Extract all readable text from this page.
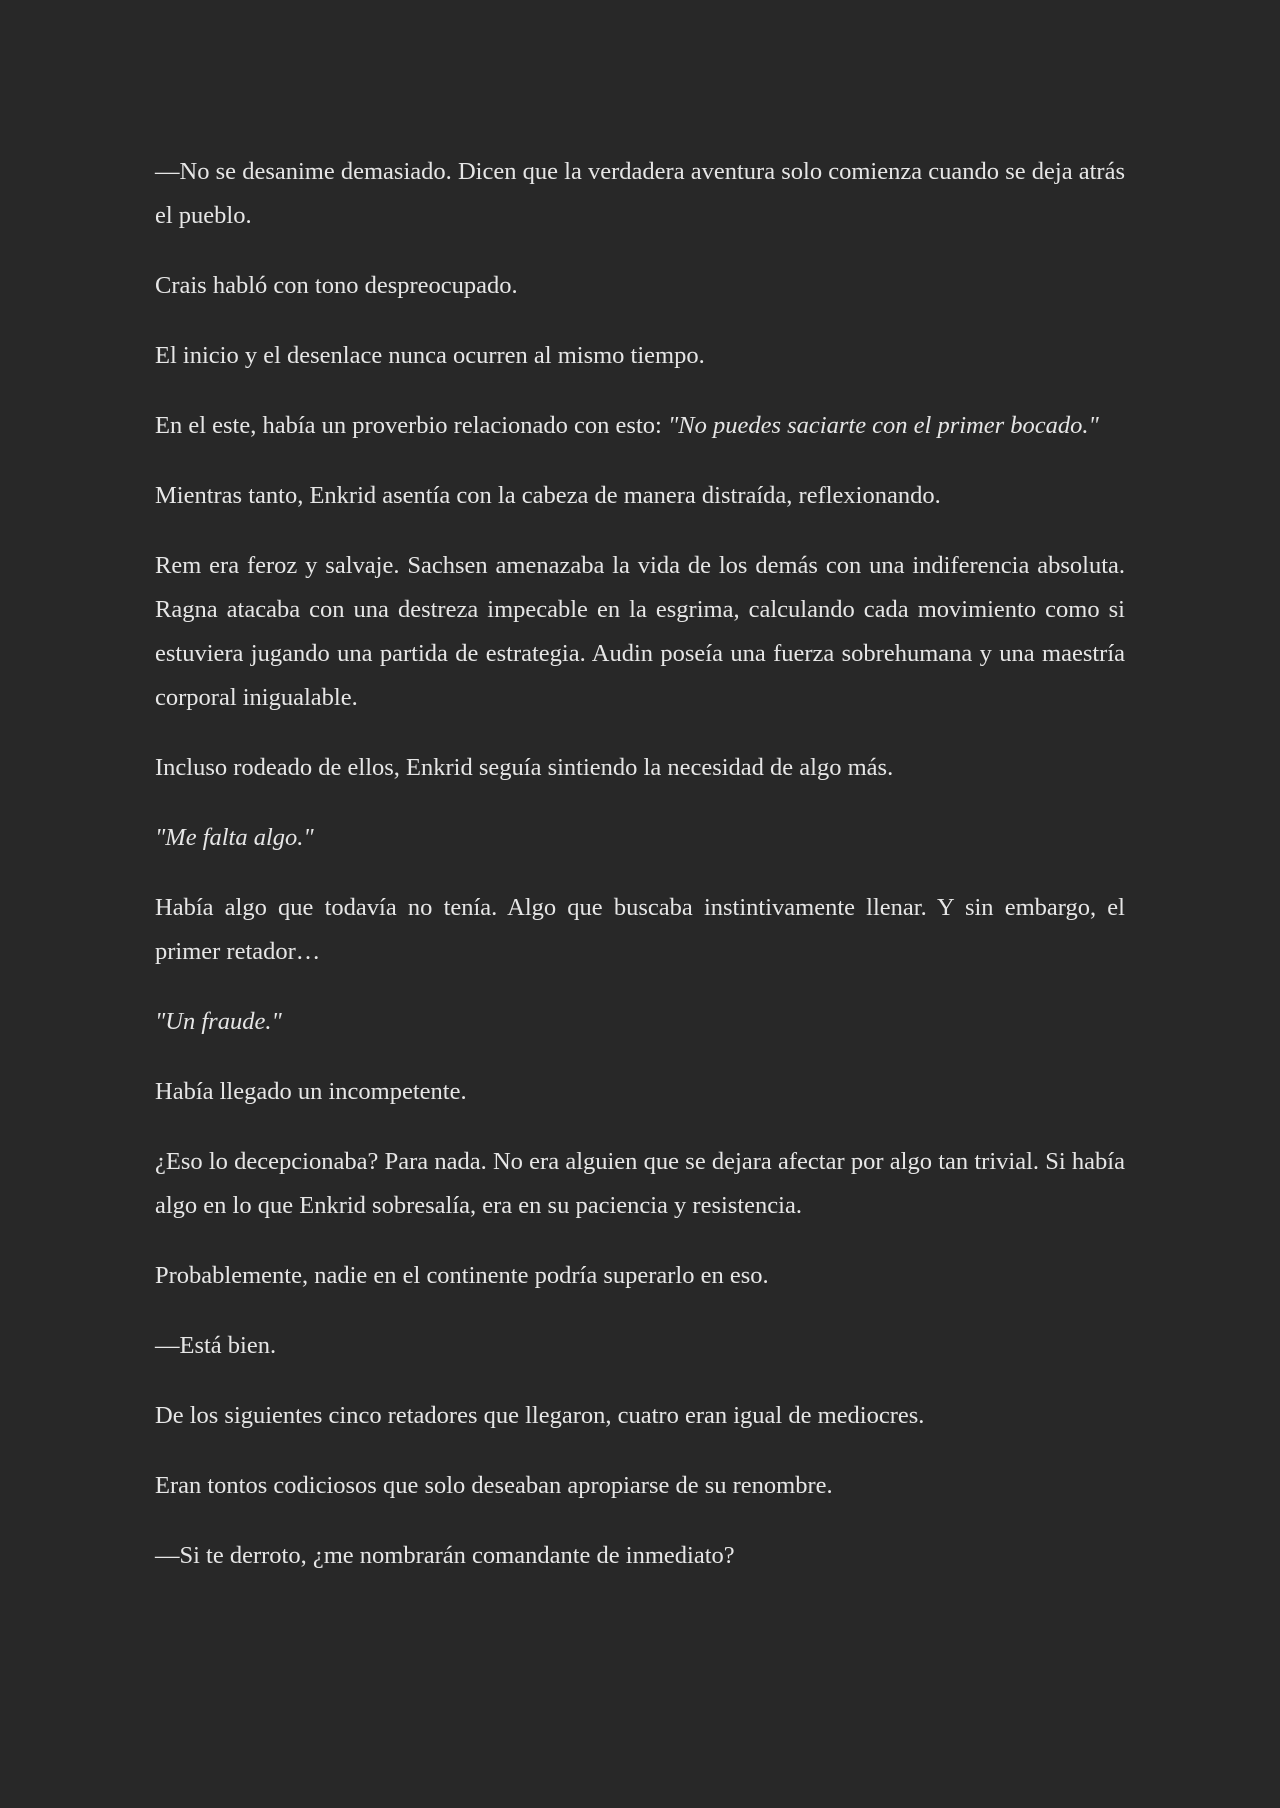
—No se desanime demasiado. Dicen que la verdadera aventura solo comienza cuando se deja atrás el pueblo.

Crais habló con tono despreocupado.

El inicio y el desenlace nunca ocurren al mismo tiempo.

En el este, había un proverbio relacionado con esto: "No puedes saciarte con el primer bocado."

Mientras tanto, Enkrid asentía con la cabeza de manera distraída, reflexionando.

Rem era feroz y salvaje. Sachsen amenazaba la vida de los demás con una indiferencia absoluta. Ragna atacaba con una destreza impecable en la esgrima, calculando cada movimiento como si estuviera jugando una partida de estrategia. Audin poseía una fuerza sobrehumana y una maestría corporal inigualable.

Incluso rodeado de ellos, Enkrid seguía sintiendo la necesidad de algo más.

"Me falta algo."

Había algo que todavía no tenía. Algo que buscaba instintivamente llenar. Y sin embargo, el primer retador…

"Un fraude."

Había llegado un incompetente.

¿Eso lo decepcionaba? Para nada. No era alguien que se dejara afectar por algo tan trivial. Si había algo en lo que Enkrid sobresalía, era en su paciencia y resistencia.

Probablemente, nadie en el continente podría superarlo en eso.

—Está bien.

De los siguientes cinco retadores que llegaron, cuatro eran igual de mediocres.

Eran tontos codiciosos que solo deseaban apropiarse de su renombre.

—Si te derroto, ¿me nombrarán comandante de inmediato?
